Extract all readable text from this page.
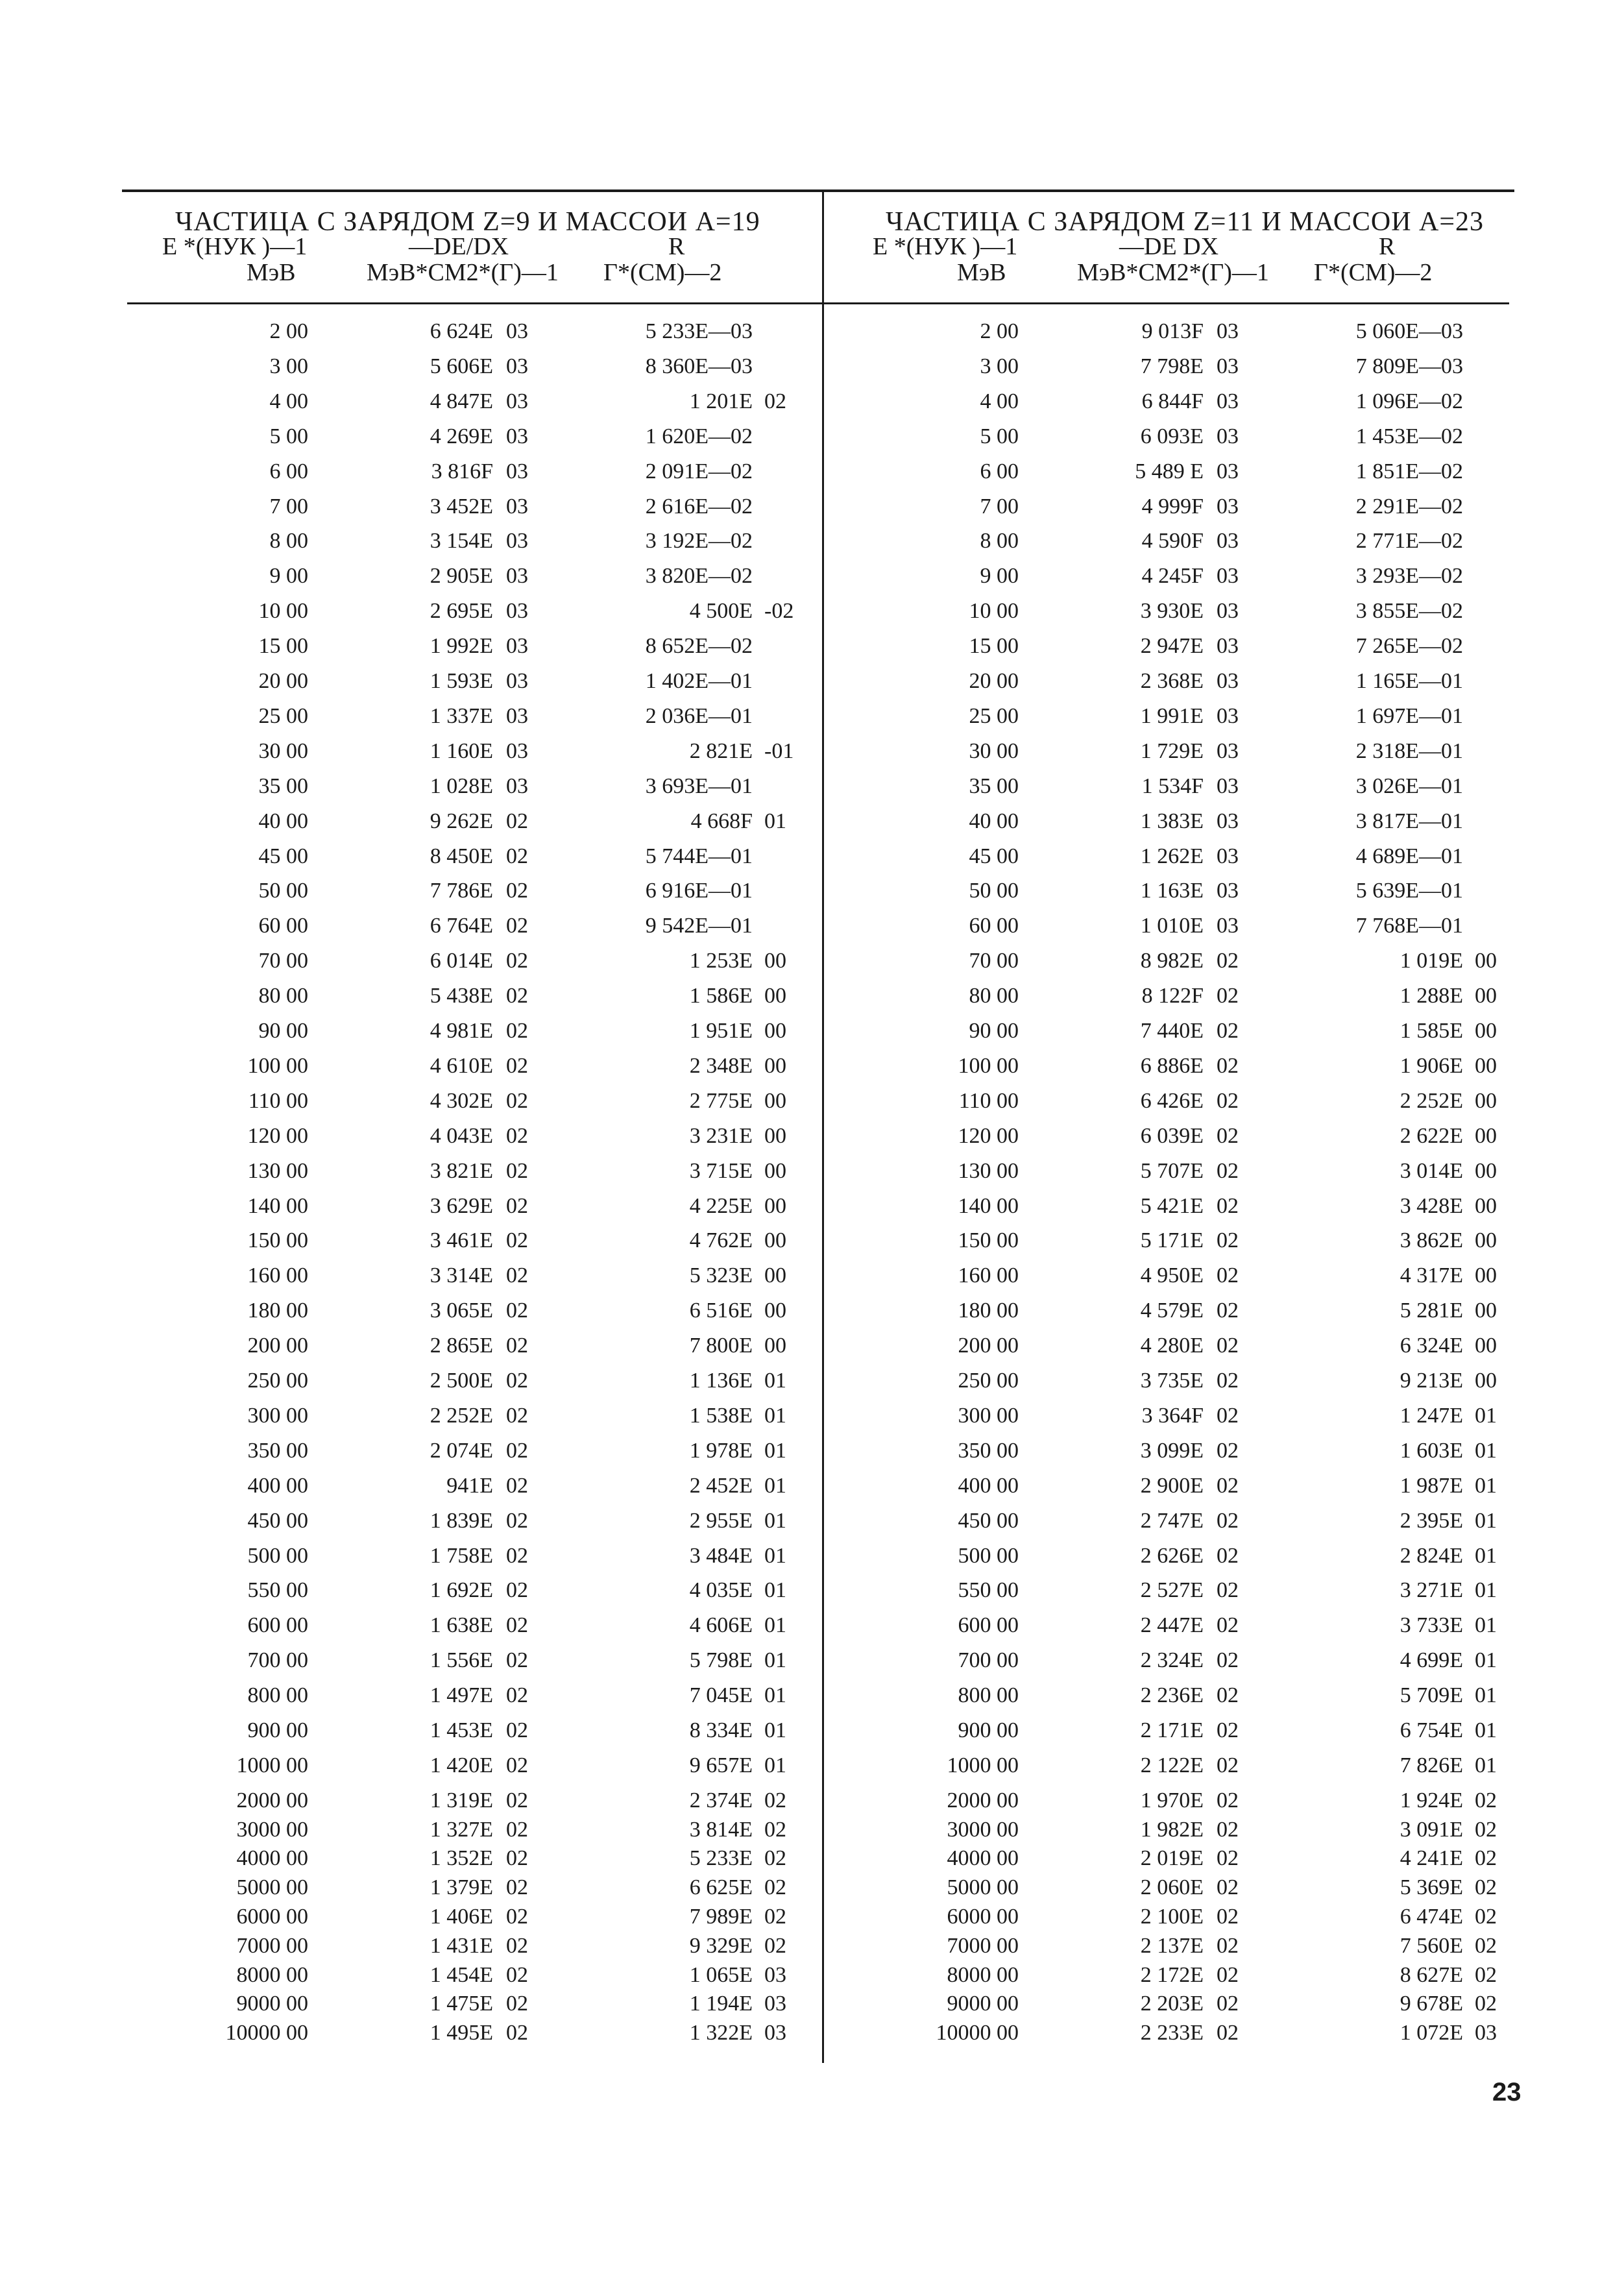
ЧАСТИЦА С ЗАРЯДОМ Z=9 И МАССОИ A=19
E *(НУК )—1	—DE/DX	R
МэВ	МэВ*СМ2*(Г)—1 Г*(СМ)—2
ЧАСТИЦА С ЗАРЯДОМ Z=11 И МАССОИ A=23
E *(НУК )—1	—DE DX	R
МэВ	МэВ*СМ2*(Г)—1 Г*(СМ)—2
2 00	6 624E 03	5 233E—03
3 00	5 606E 03	8 360E—03
4 00	4 847E 03	1 201E 02
5 00	4 269E 03	1 620E—02
6 00	3 816F 03	2 091E—02
7 00	3 452E 03	2 616E—02
8 00	3 154E 03	3 192E—02
9 00	2 905E 03	3 820E—02
10 00	2 695E 03	4 500E -02
15 00	1 992E 03	8 652E—02
20 00	1 593E 03	1 402E—01
25 00	1 337E 03	2 036E—01
30 00	1 160E 03	2 821E -01
35 00	1 028E 03	3 693E—01
40 00	9 262E 02	4 668F 01
45 00	8 450E 02	5 744E—01
50 00	7 786E 02	6 916E—01
60 00	6 764E 02	9 542E—01
70 00	6 014E 02	1 253E 00
80 00	5 438E 02	1 586E 00
90 00	4 981E 02	1 951E 00
100 00	4 610E 02	2 348E 00
110 00	4 302E 02	2 775E 00
120 00	4 043E 02	3 231E 00
130 00	3 821E 02	3 715E 00
140 00	3 629E 02	4 225E 00
150 00	3 461E 02	4 762E 00
160 00	3 314E 02	5 323E 00
180 00	3 065E 02	6 516E 00
200 00	2 865E 02	7 800E 00
250 00	2 500E 02	1 136E 01
300 00	2 252E 02	1 538E 01
350 00	2 074E 02	1 978E 01
400 00	941E 02	2 452E 01
450 00	1 839E 02	2 955E 01
500 00	1 758E 02	3 484E 01
550 00	1 692E 02	4 035E 01
600 00	1 638E 02	4 606E 01
700 00	1 556E 02	5 798E 01
800 00	1 497E 02	7 045E 01
900 00	1 453E 02	8 334E 01
1000 00	1 420E 02	9 657E 01
2000 00	1 319E 02	2 374E 02
3000 00	1 327E 02	3 814E 02
4000 00	1 352E 02	5 233E 02
5000 00	1 379E 02	6 625E 02
6000 00	1 406E 02	7 989E 02
7000 00	1 431E 02	9 329E 02
8000 00	1 454E 02	1 065E 03
9000 00	1 475E 02	1 194E 03
10000 00	1 495E 02	1 322E 03
2 00	9 013F 03	5 060E—03
3 00	7 798E 03	7 809E—03
4 00	6 844F 03	1 096E—02
5 00	6 093E 03	1 453E—02
6 00	5 489 E 03	1 851E—02
7 00	4 999F 03	2 291E—02
8 00	4 590F 03	2 771E—02
9 00	4 245F 03	3 293E—02
10 00	3 930E 03	3 855E—02
15 00	2 947E 03	7 265E—02
20 00	2 368E 03	1 165E—01
25 00	1 991E 03	1 697E—01
30 00	1 729E 03	2 318E—01
35 00	1 534F 03	3 026E—01
40 00	1 383E 03	3 817E—01
45 00	1 262E 03	4 689E—01
50 00	1 163E 03	5 639E—01
60 00	1 010E 03	7 768E—01
70 00	8 982E 02	1 019E 00
80 00	8 122F 02	1 288E 00
90 00	7 440E 02	1 585E 00
100 00	6 886E 02	1 906E 00
110 00	6 426E 02	2 252E 00
120 00	6 039E 02	2 622E 00
130 00	5 707E 02	3 014E 00
140 00	5 421E 02	3 428E 00
150 00	5 171E 02	3 862E 00
160 00	4 950E 02	4 317E 00
180 00	4 579E 02	5 281E 00
200 00	4 280E 02	6 324E 00
250 00	3 735E 02	9 213E 00
300 00	3 364F 02	1 247E 01
350 00	3 099E 02	1 603E 01
400 00	2 900E 02	1 987E 01
450 00	2 747E 02	2 395E 01
500 00	2 626E 02	2 824E 01
550 00	2 527E 02	3 271E 01
600 00	2 447E 02	3 733E 01
700 00	2 324E 02	4 699E 01
800 00	2 236E 02	5 709E 01
900 00	2 171E 02	6 754E 01
1000 00	2 122E 02	7 826E 01
2000 00	1 970E 02	1 924E 02
3000 00	1 982E 02	3 091E 02
4000 00	2 019E 02	4 241E 02
5000 00	2 060E 02	5 369E 02
6000 00	2 100E 02	6 474E 02
7000 00	2 137E 02	7 560E 02
8000 00	2 172E 02	8 627E 02
9000 00	2 203E 02	9 678E 02
10000 00	2 233E 02	1 072E 03
23
